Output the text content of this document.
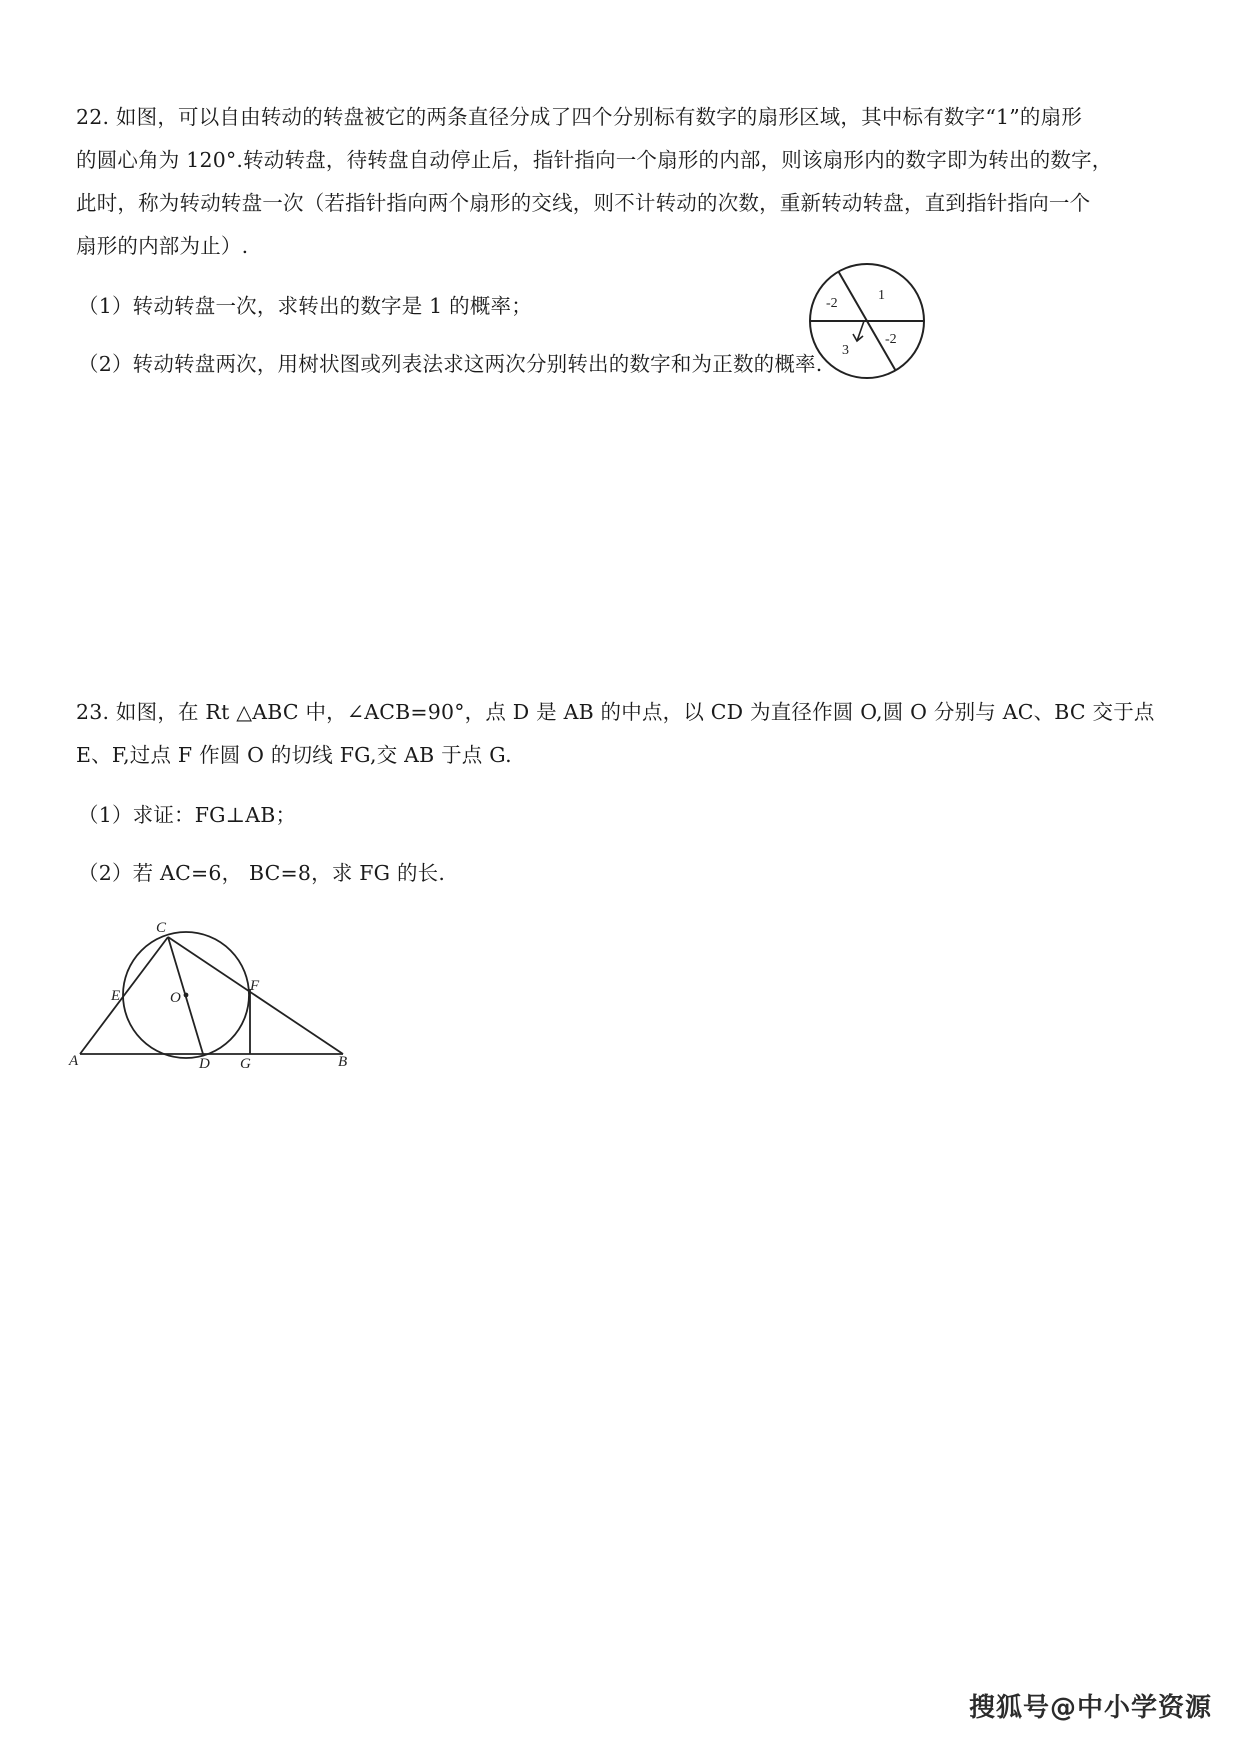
22. 如图，可以自由转动的转盘被它的两条直径分成了四个分别标有数字的扇形区域，其中标有数字“1”的扇形
的圆心角为 120°.转动转盘，待转盘自动停止后，指针指向一个扇形的内部，则该扇形内的数字即为转出的数字，
此时，称为转动转盘一次（若指针指向两个扇形的交线，则不计转动的次数，重新转动转盘，直到指针指向一个
扇形的内部为止）.
（1）转动转盘一次，求转出的数字是 1 的概率；
（2）转动转盘两次，用树状图或列表法求这两次分别转出的数字和为正数的概率.
-2
1
3
-2
23. 如图，在 Rt △ABC 中，∠ACB=90°，点 D 是 AB 的中点，以 CD 为直径作圆 O,圆 O 分别与 AC、BC 交于点
E、F,过点 F 作圆 O 的切线 FG,交 AB 于点 G.
（1）求证：FG⊥AB；
（2）若 AC=6， BC=8，求 FG 的长.
C
E	O
F
A	D G	B
搜狐号@中小学资源
